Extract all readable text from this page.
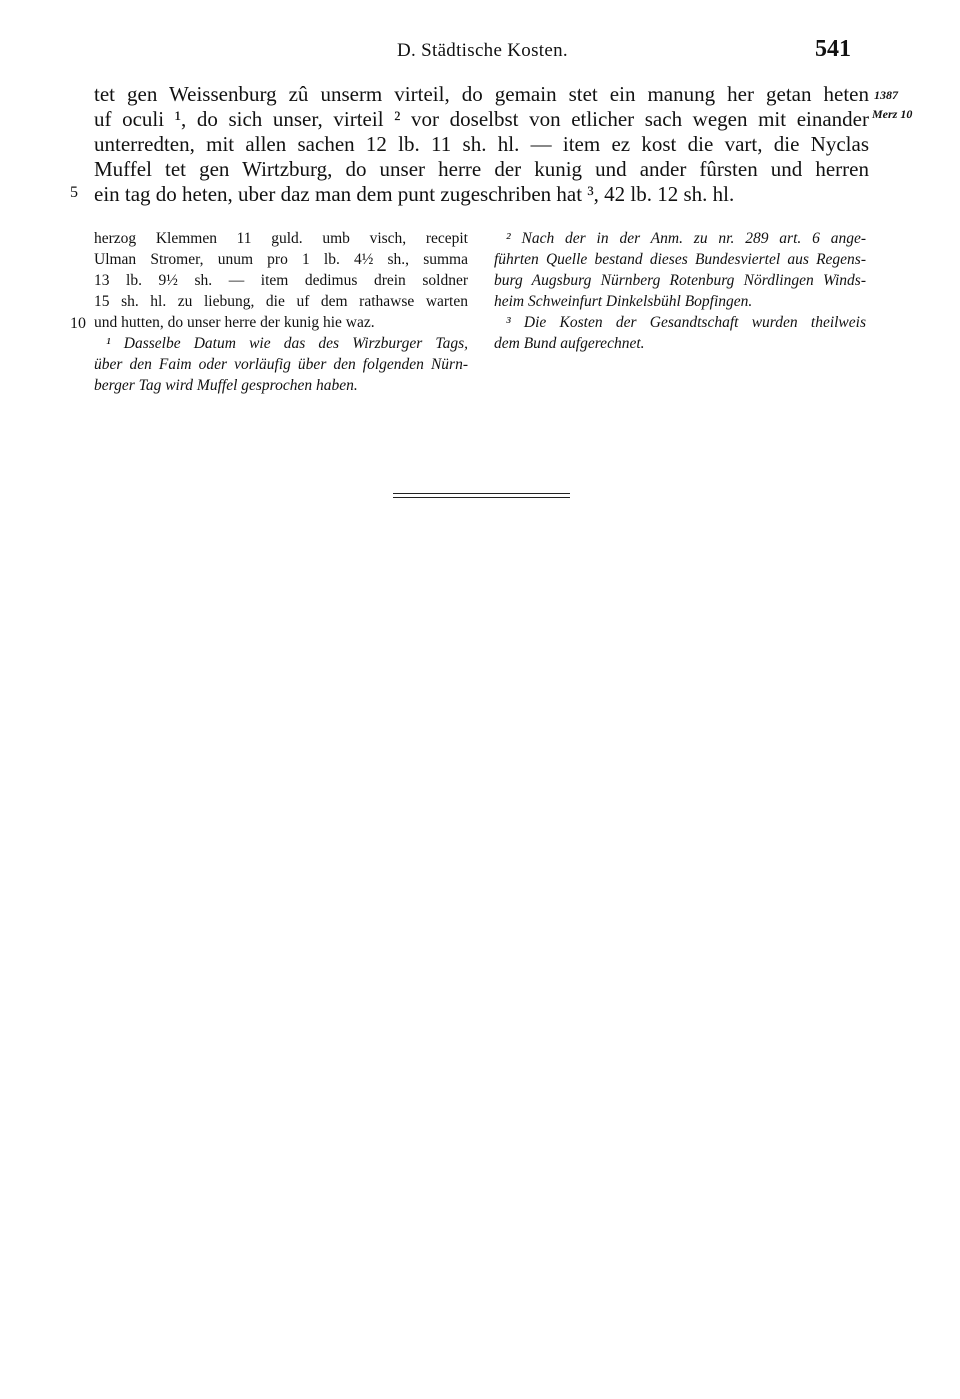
D. Städtische Kosten.	541
1387
Merz 10
5
10
tet gen Weissenburg zû unserm virteil, do gemain stet ein manung her getan heten
uf oculi ¹, do sich unser, virteil ² vor doselbst von etlicher sach wegen mit einander
unterredten, mit allen sachen 12 lb. 11 sh. hl. — item ez kost die vart, die Nyclas
Muffel tet gen Wirtzburg, do unser herre der kunig und ander fûrsten und herren
ein tag do heten, uber daz man dem punt zugeschriben hat ³, 42 lb. 12 sh. hl.
herzog Klemmen 11 guld. umb visch, recepit
Ulman Stromer, unum pro 1 lb. 4½ sh., summa
13 lb. 9½ sh. — item dedimus drein soldner
15 sh. hl. zu liebung, die uf dem rathawse warten
und hutten, do unser herre der kunig hie waz.
¹ Dasselbe Datum wie das des Wirzburger Tags,
über den Faim oder vorläufig über den folgenden Nürn-
berger Tag wird Muffel gesprochen haben.
² Nach der in der Anm. zu nr. 289 art. 6 ange-
führten Quelle bestand dieses Bundesviertel aus Regens-
burg Augsburg Nürnberg Rotenburg Nördlingen Winds-
heim Schweinfurt Dinkelsbühl Bopfingen.
³ Die Kosten der Gesandtschaft wurden theilweis
dem Bund aufgerechnet.
